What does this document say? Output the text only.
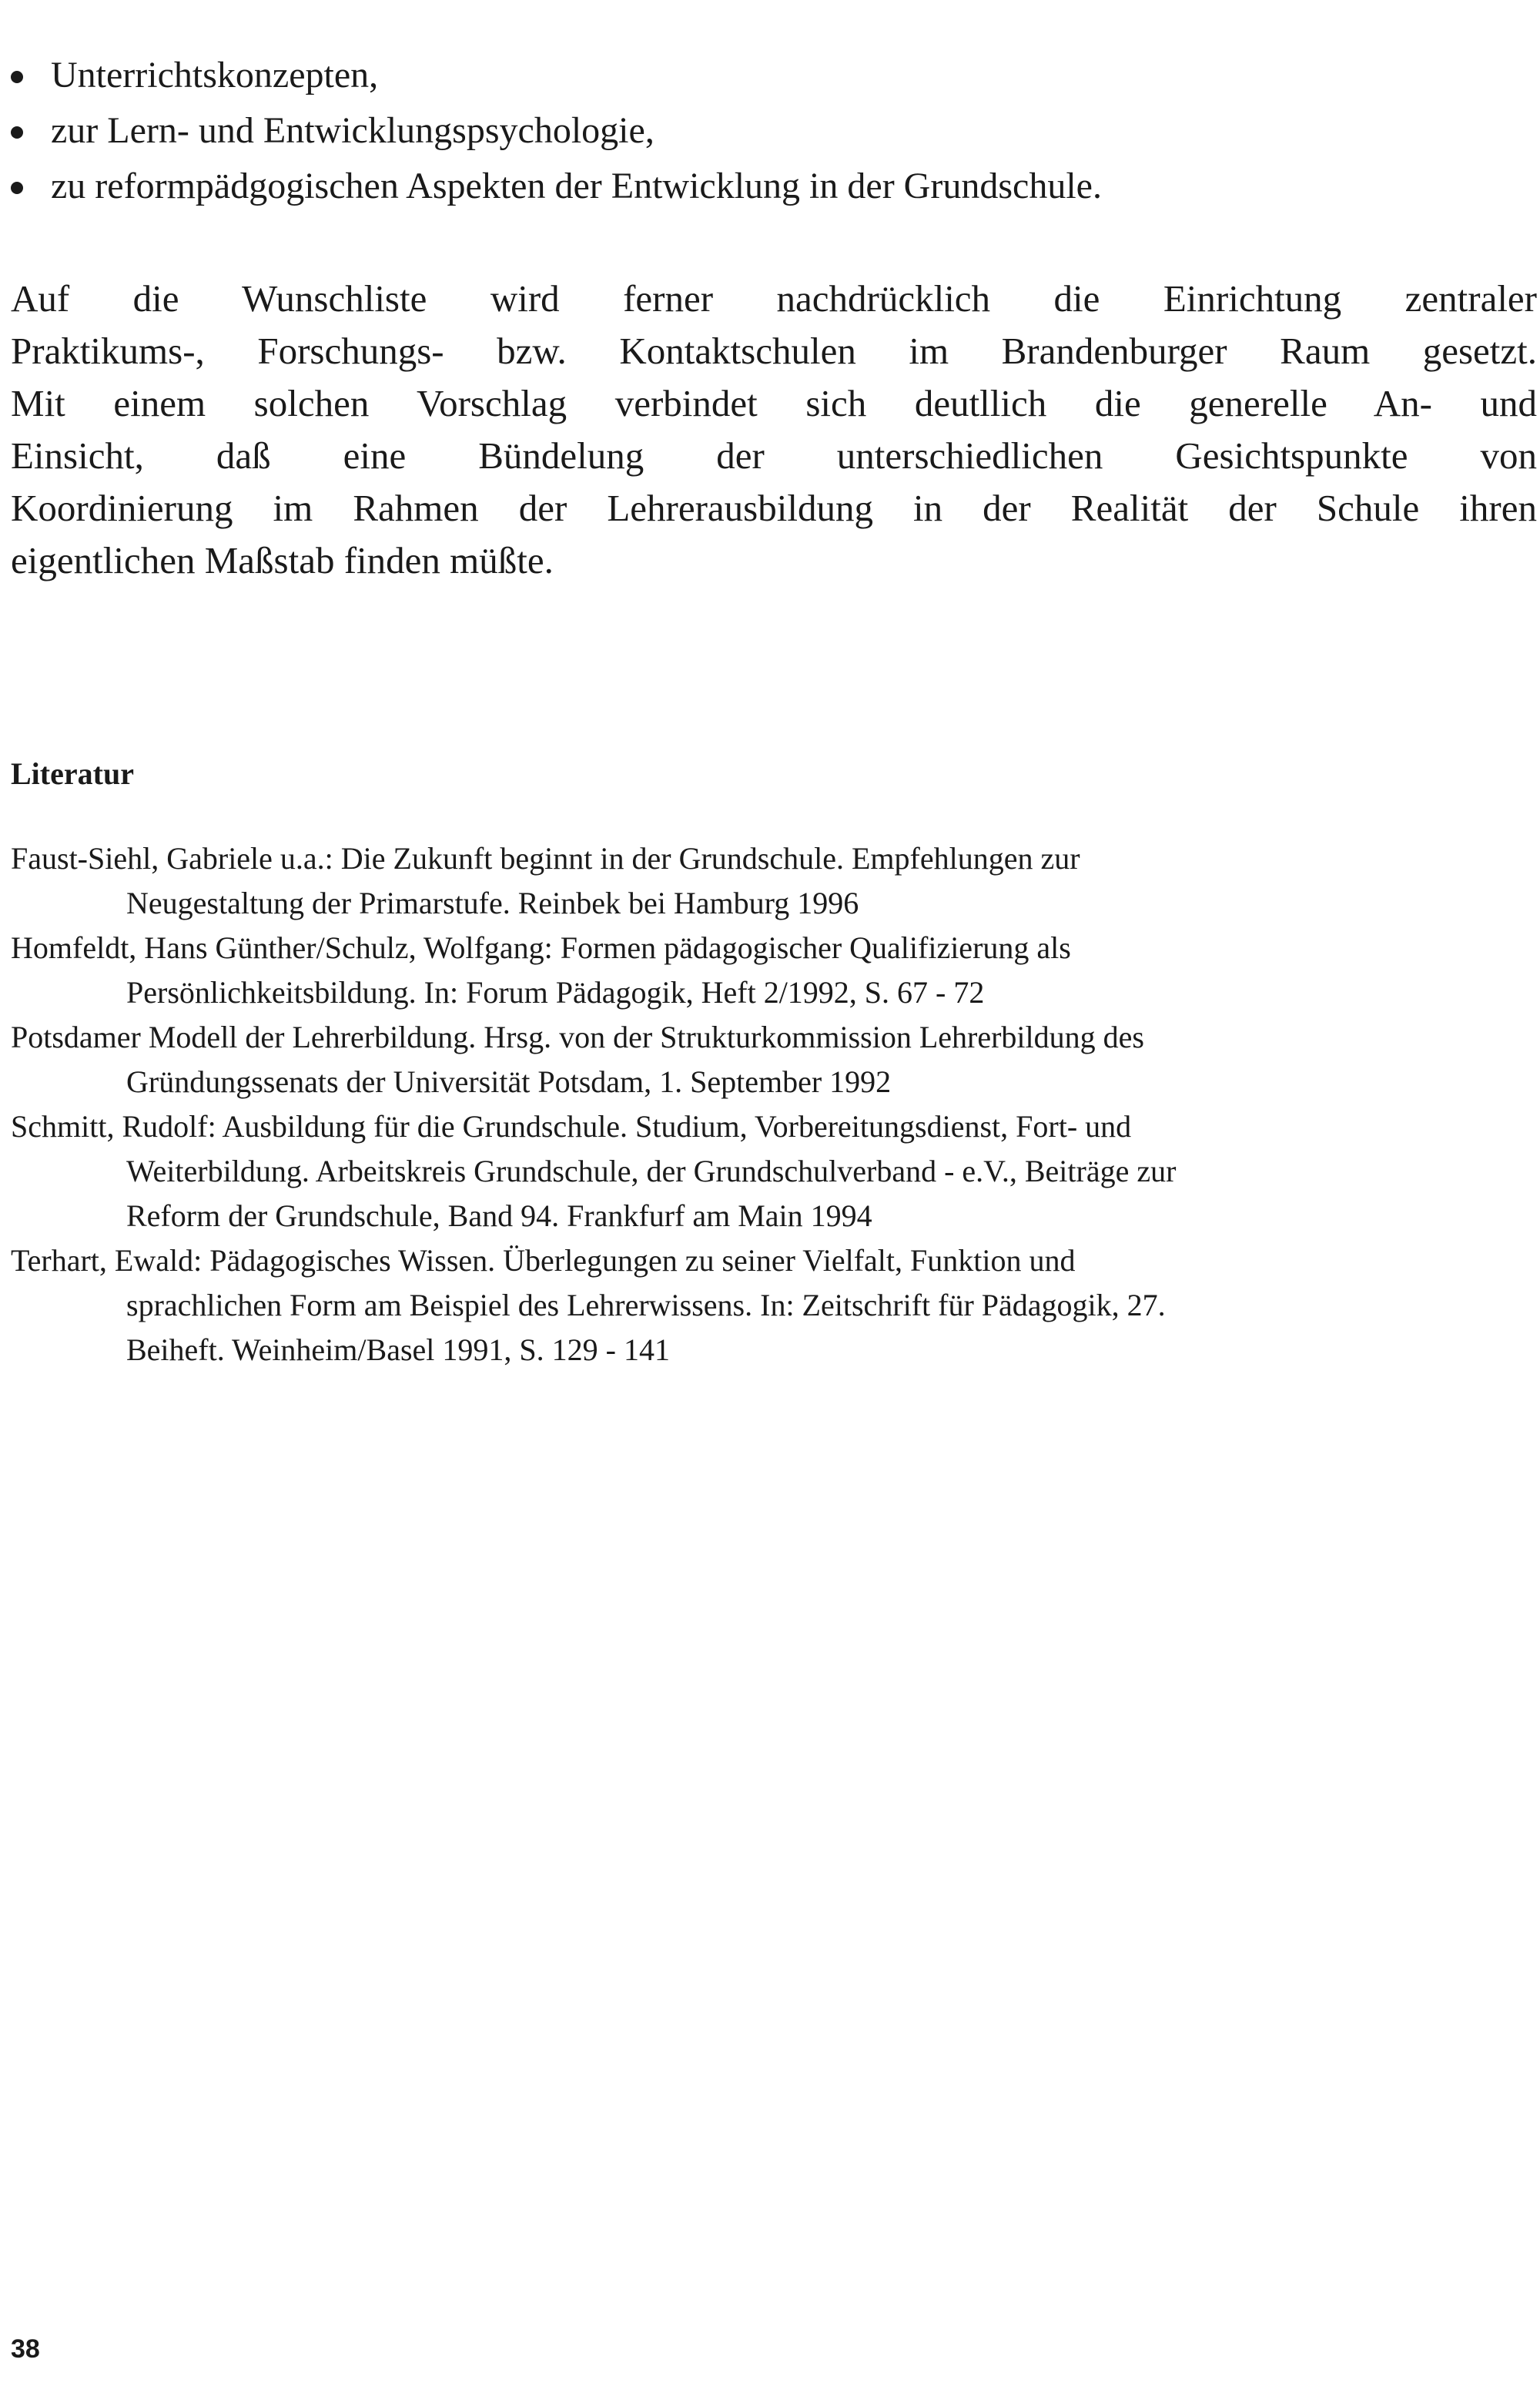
Unterrichtskonzepten,
zur Lern- und Entwicklungspsychologie,
zu reformpädgogischen Aspekten der Entwicklung in der Grundschule.

Auf die Wunschliste wird ferner nachdrücklich die Einrichtung zentraler
Praktikums-, Forschungs- bzw. Kontaktschulen im Brandenburger Raum gesetzt.
Mit einem solchen Vorschlag verbindet sich deutllich die generelle An- und
Einsicht, daß eine Bündelung der unterschiedlichen Gesichtspunkte von
Koordinierung im Rahmen der Lehrerausbildung in der Realität der Schule ihren
eigentlichen Maßstab finden müßte.

Literatur
Faust-Siehl, Gabriele u.a.: Die Zukunft beginnt in der Grundschule. Empfehlungen zur
Neugestaltung der Primarstufe. Reinbek bei Hamburg 1996
Homfeldt, Hans Günther/Schulz, Wolfgang: Formen pädagogischer Qualifizierung als
Persönlichkeitsbildung. In: Forum Pädagogik, Heft 2/1992, S. 67 - 72
Potsdamer Modell der Lehrerbildung. Hrsg. von der Strukturkommission Lehrerbildung des
Gründungssenats der Universität Potsdam, 1. September 1992
Schmitt, Rudolf: Ausbildung für die Grundschule. Studium, Vorbereitungsdienst, Fort- und
Weiterbildung. Arbeitskreis Grundschule, der Grundschulverband - e.V., Beiträge zur
Reform der Grundschule, Band 94. Frankfurf am Main 1994
Terhart, Ewald: Pädagogisches Wissen. Überlegungen zu seiner Vielfalt, Funktion und
sprachlichen Form am Beispiel des Lehrerwissens. In: Zeitschrift für Pädagogik, 27.
Beiheft. Weinheim/Basel 1991, S. 129 - 141
38
